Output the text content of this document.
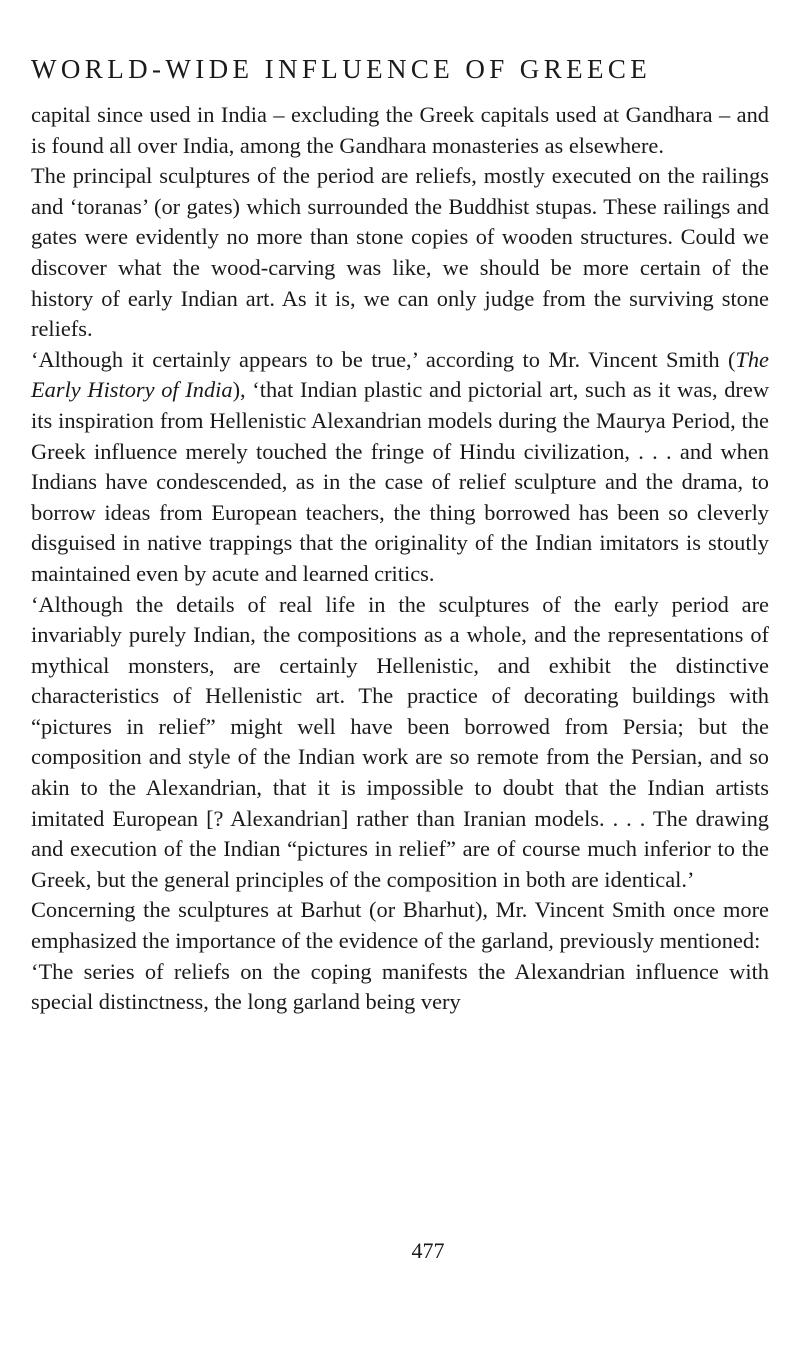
WORLD-WIDE INFLUENCE OF GREECE

capital since used in India – excluding the Greek capitals used at Gandhara – and is found all over India, among the Gandhara monasteries as elsewhere.

The principal sculptures of the period are reliefs, mostly executed on the railings and ‘toranas’ (or gates) which surrounded the Buddhist stupas. These railings and gates were evidently no more than stone copies of wooden structures. Could we discover what the wood-carving was like, we should be more certain of the history of early Indian art. As it is, we can only judge from the surviving stone reliefs.

‘Although it certainly appears to be true,’ according to Mr. Vincent Smith (The Early History of India), ‘that Indian plastic and pictorial art, such as it was, drew its inspiration from Hellenistic Alexandrian models during the Maurya Period, the Greek influence merely touched the fringe of Hindu civilization, . . . and when Indians have condescended, as in the case of relief sculpture and the drama, to borrow ideas from European teachers, the thing borrowed has been so cleverly disguised in native trappings that the originality of the Indian imitators is stoutly maintained even by acute and learned critics.

‘Although the details of real life in the sculptures of the early period are invariably purely Indian, the compositions as a whole, and the representations of mythical monsters, are certainly Hellenistic, and exhibit the distinctive characteristics of Hellenistic art. The practice of decorating buildings with “pictures in relief” might well have been borrowed from Persia; but the composition and style of the Indian work are so remote from the Persian, and so akin to the Alexandrian, that it is impossible to doubt that the Indian artists imitated European [? Alexandrian] rather than Iranian models. . . . The drawing and execution of the Indian “pictures in relief” are of course much inferior to the Greek, but the general principles of the composition in both are identical.’

Concerning the sculptures at Barhut (or Bharhut), Mr. Vincent Smith once more emphasized the importance of the evidence of the garland, previously mentioned:

‘The series of reliefs on the coping manifests the Alexandrian influence with special distinctness, the long garland being very

477
